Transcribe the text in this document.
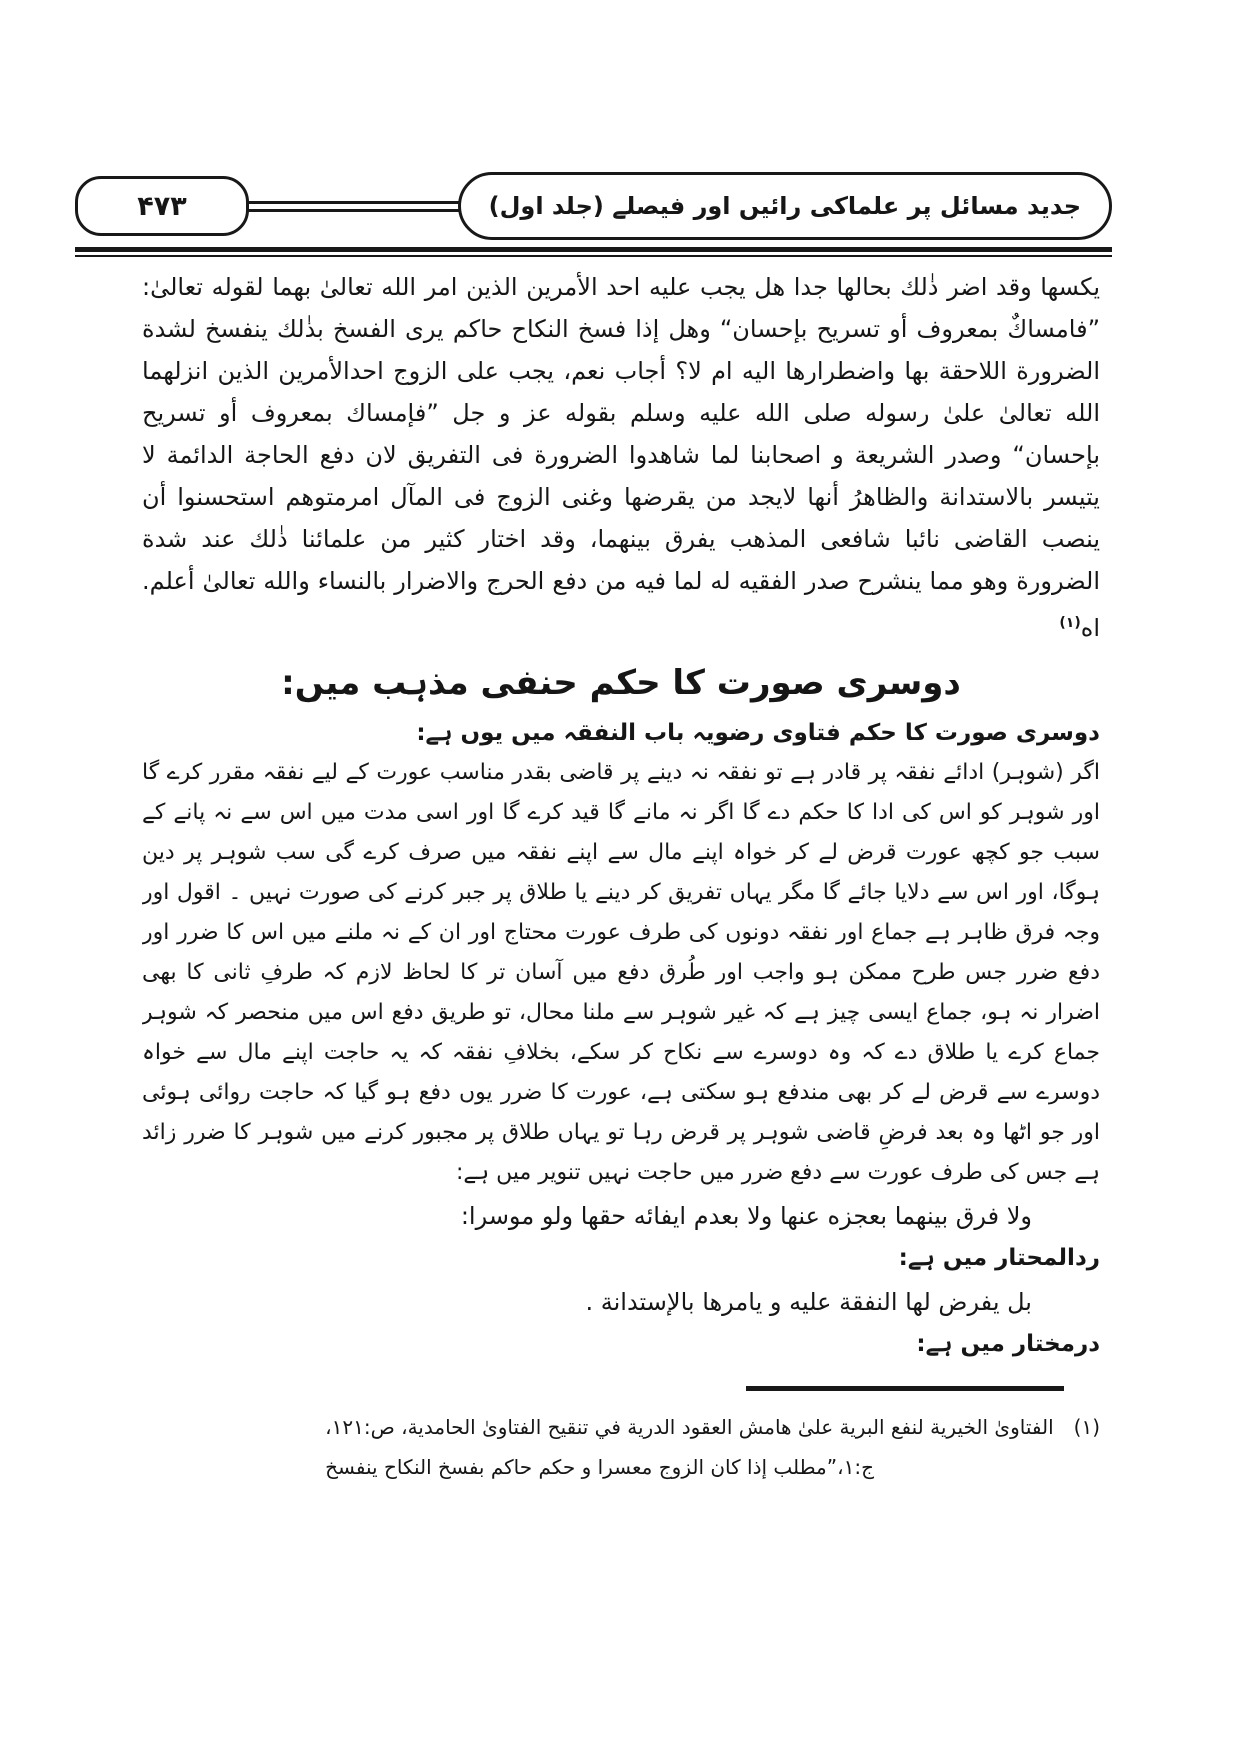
۴۷۳	جدید مسائل پر علماکی رائیں اور فیصلے (جلد اول)

يكسها وقد اضر ذٰلك بحالها جدا هل يجب عليه احد الأمرين الذين امر الله تعالىٰ بهما لقوله تعالىٰ: ”فامساكٌ بمعروف أو تسريح بإحسان“ وهل إذا فسخ النكاح حاكم يرى الفسخ بذٰلك ينفسخ لشدة الضرورة اللاحقة بها واضطرارها اليه ام لا؟ أجاب نعم، يجب على الزوج احدالأمرين الذين انزلهما الله تعالىٰ علىٰ رسوله صلى الله عليه وسلم بقوله عز و جل ”فإمساك بمعروف أو تسريح بإحسان“ وصدر الشريعة و اصحابنا لما شاهدوا الضرورة فى التفريق لان دفع الحاجة الدائمة لا يتيسر بالاستدانة والظاهرُ أنها لايجد من يقرضها وغنى الزوج فى المآل امرمتوهم استحسنوا أن ينصب القاضى نائبا شافعى المذهب يفرق بينهما، وقد اختار كثير من علمائنا ذٰلك عند شدة الضرورة وهو مما ينشرح صدر الفقيه له لما فيه من دفع الحرج والاضرار بالنساء والله تعالىٰ أعلم. اه$^{(١)}$

دوسری صورت کا حکم حنفی مذہب میں:

دوسری صورت کا حکم فتاوی رضویہ باب النفقہ میں یوں ہے:

اگر (شوہر) ادائے نفقہ پر قادر ہے تو نفقہ نہ دینے پر قاضی بقدر مناسب عورت کے لیے نفقہ مقرر کرے گا اور شوہر کو اس کی ادا کا حکم دے گا اگر نہ مانے گا قید کرے گا اور اسی مدت میں اس سے نہ پانے کے سبب جو کچھ عورت قرض لے کر خواہ اپنے مال سے اپنے نفقہ میں صرف کرے گی سب شوہر پر دین ہوگا، اور اس سے دلایا جائے گا مگر یہاں تفریق کر دینے یا طلاق پر جبر کرنے کی صورت نہیں ۔ اقول اور وجہ فرق ظاہر ہے جماع اور نفقہ دونوں کی طرف عورت محتاج اور ان کے نہ ملنے میں اس کا ضرر اور دفع ضرر جس طرح ممکن ہو واجب اور طُرق دفع میں آسان تر کا لحاظ لازم کہ طرفِ ثانی کا بھی اضرار نہ ہو، جماع ایسی چیز ہے کہ غیر شوہر سے ملنا محال، تو طریق دفع اس میں منحصر کہ شوہر جماع کرے یا طلاق دے کہ وہ دوسرے سے نکاح کر سکے، بخلافِ نفقہ کہ یہ حاجت اپنے مال سے خواہ دوسرے سے قرض لے کر بھی مندفع ہو سکتی ہے، عورت کا ضرر یوں دفع ہو گیا کہ حاجت روائی ہوئی اور جو اٹھا وہ بعد فرضِ قاضی شوہر پر قرض رہا تو یہاں طلاق پر مجبور کرنے میں شوہر کا ضرر زائد ہے جس کی طرف عورت سے دفع ضرر میں حاجت نہیں تنویر میں ہے:

ولا فرق بينهما بعجزه عنها ولا بعدم ايفائه حقها ولو موسرا:

ردالمحتار میں ہے:

بل يفرض لها النفقة عليه و يامرها بالإستدانة .

درمختار میں ہے:

(١)الفتاوىٰ الخيرية لنفع البرية علىٰ هامش العقود الدرية في تنقيح الفتاوىٰ الحامدية، ص:١٢١،
ج:١،”مطلب إذا كان الزوج معسرا و حكم حاكم بفسخ النكاح ينفسخ
